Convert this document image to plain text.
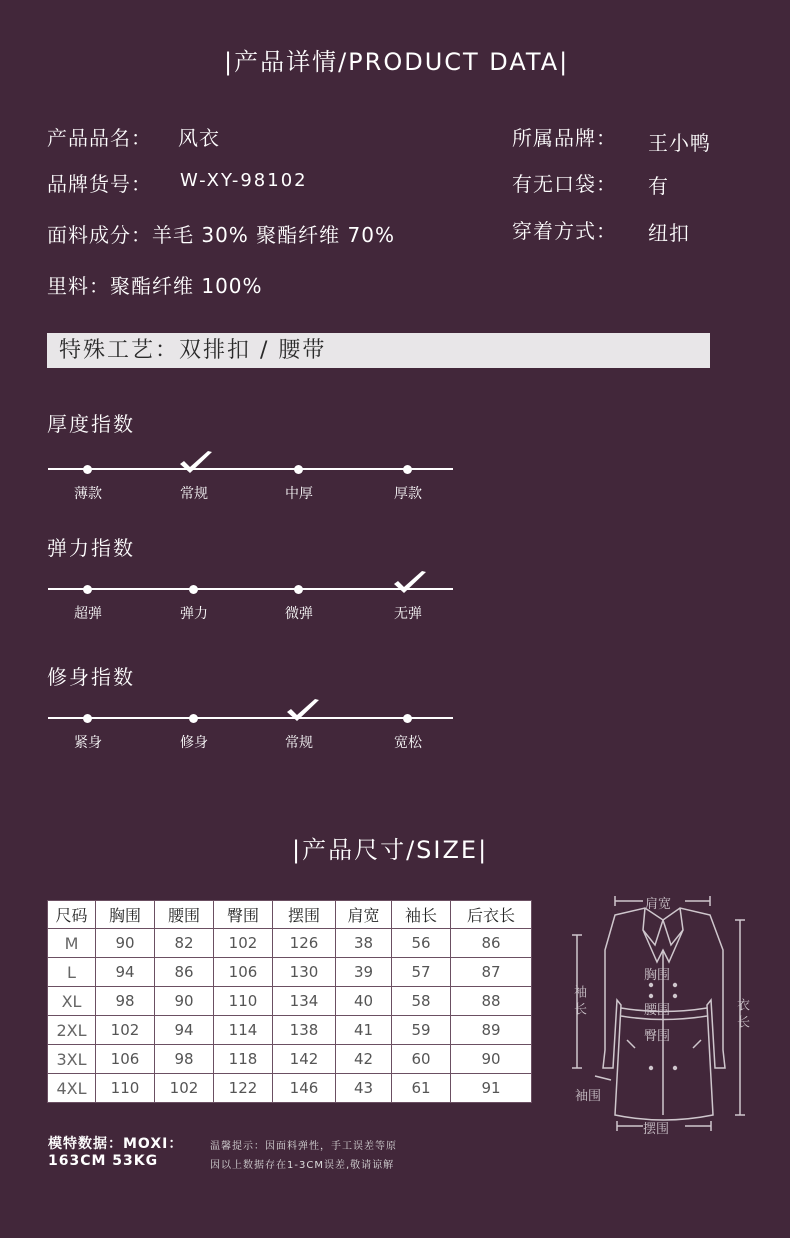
|产品详情/PRODUCT DATA|
产品品名： 风衣
品牌货号： W-XY-98102
面料成分：羊毛 30% 聚酯纤维 70%
里料：聚酯纤维 100%
所属品牌： 王小鸭
有无口袋： 有
穿着方式： 纽扣
特殊工艺：双排扣 / 腰带
厚度指数
薄款	常规	中厚	厚款
弹力指数
超弹	弹力	微弹	无弹
修身指数
紧身	修身	常规	宽松
|产品尺寸/SIZE|
尺码	胸围	腰围	臀围	摆围	肩宽	袖长	后衣长
M	90	82	102	126	38	56	86
L	94	86	106	130	39	57	87
XL	98	90	110	134	40	58	88
2XL	102	94	114	138	41	59	89
3XL	106	98	118	142	42	60	90
4XL	110	102	122	146	43	61	91
肩宽
胸围
腰围
臀围
摆围
袖长	衣长
袖围
模特数据：MOXI：
163CM 53KG
温馨提示：因面料弹性，手工误差等原
因以上数据存在1-3CM误差,敬请谅解
